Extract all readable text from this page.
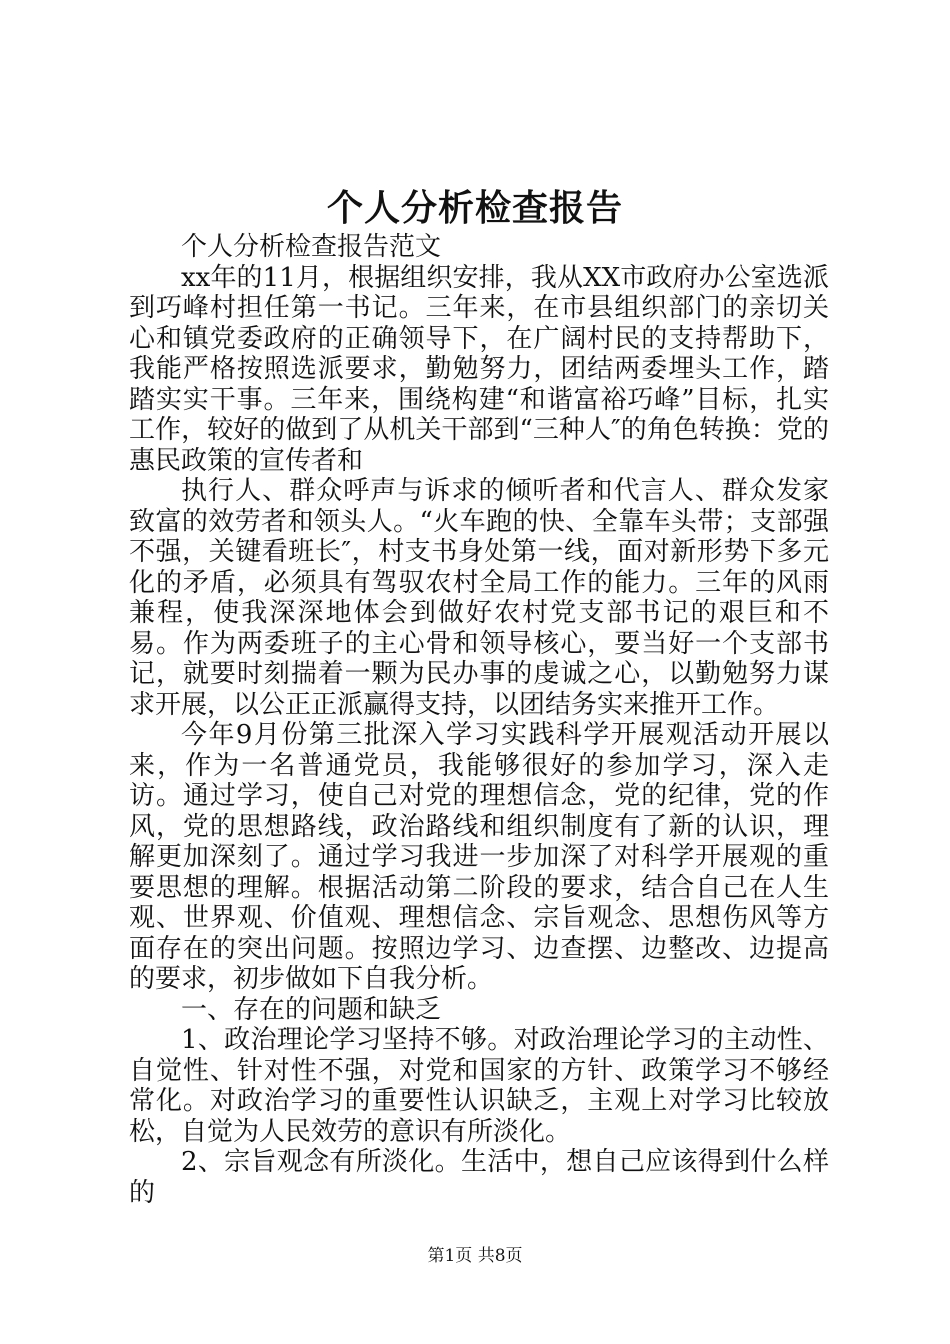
个人分析检查报告

个人分析检查报告范文

xx年的11月，根据组织安排，我从XX市政府办公室选派到巧峰村担任第一书记。三年来，在市县组织部门的亲切关心和镇党委政府的正确领导下，在广阔村民的支持帮助下，我能严格按照选派要求，勤勉努力，团结两委埋头工作，踏踏实实干事。三年来，围绕构建“和谐富裕巧峰”目标，扎实工作，较好的做到了从机关干部到“三种人″的角色转换：党的惠民政策的宣传者和

执行人、群众呼声与诉求的倾听者和代言人、群众发家致富的效劳者和领头人。“火车跑的快、全靠车头带；支部强不强，关键看班长″，村支书身处第一线，面对新形势下多元化的矛盾，必须具有驾驭农村全局工作的能力。三年的风雨兼程，使我深深地体会到做好农村党支部书记的艰巨和不易。作为两委班子的主心骨和领导核心，要当好一个支部书记，就要时刻揣着一颗为民办事的虔诚之心，以勤勉努力谋求开展，以公正正派赢得支持，以团结务实来推开工作。

今年9月份第三批深入学习实践科学开展观活动开展以来，作为一名普通党员，我能够很好的参加学习，深入走访。通过学习，使自己对党的理想信念，党的纪律，党的作风，党的思想路线，政治路线和组织制度有了新的认识，理解更加深刻了。通过学习我进一步加深了对科学开展观的重要思想的理解。根据活动第二阶段的要求，结合自己在人生观、世界观、价值观、理想信念、宗旨观念、思想伤风等方面存在的突出问题。按照边学习、边查摆、边整改、边提高的要求，初步做如下自我分析。

一、存在的问题和缺乏

1、政治理论学习坚持不够。对政治理论学习的主动性、自觉性、针对性不强，对党和国家的方针、政策学习不够经常化。对政治学习的重要性认识缺乏，主观上对学习比较放松，自觉为人民效劳的意识有所淡化。

2、宗旨观念有所淡化。生活中，想自己应该得到什么样的

第1页 共8页
